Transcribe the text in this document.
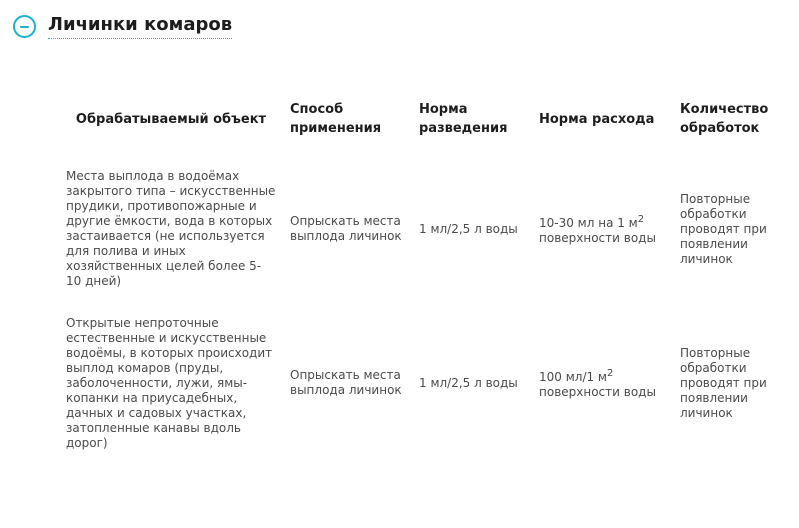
Личинки комаров
Обрабатываемый объект	Способ применения	Норма разведения	Норма расхода	Количество обработок
Места выплода в водоёмах закрытого типа – искусственные прудики, противопожарные и другие ёмкости, вода в которых застаивается (не используется для полива и иных хозяйственных целей более 5-10 дней)	Опрыскать места выплода личинок	1 мл/2,5 л воды	10-30 мл на 1 $м^2$ поверхности воды	Повторные обработки проводят при появлении личинок
Открытые непроточные естественные и искусственные водоёмы, в которых происходит выплод комаров (пруды, заболоченности, лужи, ямы-копанки на приусадебных, дачных и садовых участках, затопленные канавы вдоль дорог)	Опрыскать места выплода личинок	1 мл/2,5 л воды	100 мл/1 $м^2$ поверхности воды	Повторные обработки проводят при появлении личинок
